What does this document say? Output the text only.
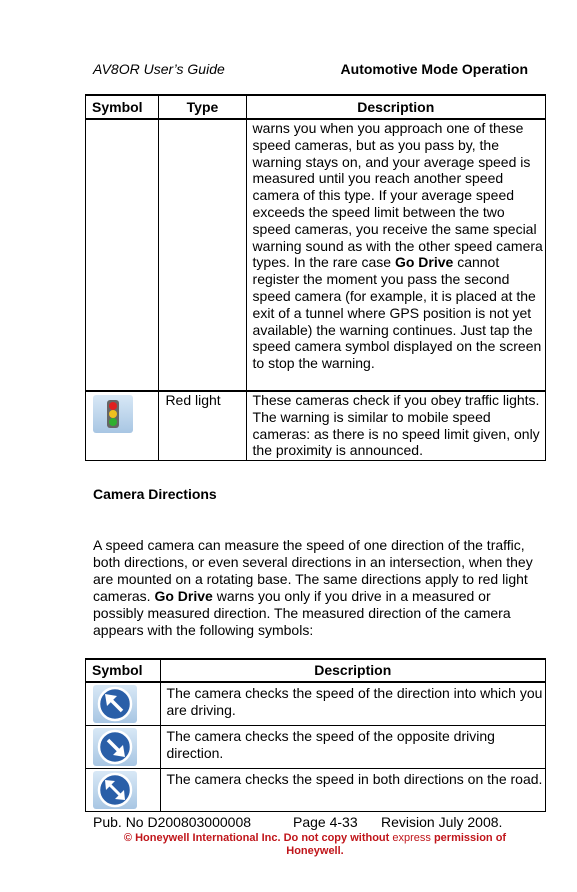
AV8OR User’s Guide	Automotive Mode Operation
Symbol	Type	Description
		warns you when you approach one of these speed cameras, but as you pass by, the warning stays on, and your average speed is measured until you reach another speed camera of this type. If your average speed exceeds the speed limit between the two speed cameras, you receive the same special warning sound as with the other speed camera types. In the rare case Go Drive cannot register the moment you pass the second speed camera (for example, it is placed at the exit of a tunnel where GPS position is not yet available) the warning continues. Just tap the speed camera symbol displayed on the screen to stop the warning.

	Red light	These cameras check if you obey traffic lights. The warning is similar to mobile speed cameras: as there is no speed limit given, only the proximity is announced.
Camera Directions
A speed camera can measure the speed of one direction of the traffic, both directions, or even several directions in an intersection, when they are mounted on a rotating base. The same directions apply to red light cameras. Go Drive warns you only if you drive in a measured or possibly measured direction. The measured direction of the camera appears with the following symbols:
Symbol	Description

	The camera checks the speed of the direction into which you are driving.

	The camera checks the speed of the opposite driving direction.

	The camera checks the speed in both directions on the road.
Pub. No D200803000008	Page 4-33 Revision July 2008.
© Honeywell International Inc. Do not copy without express permission of Honeywell.
